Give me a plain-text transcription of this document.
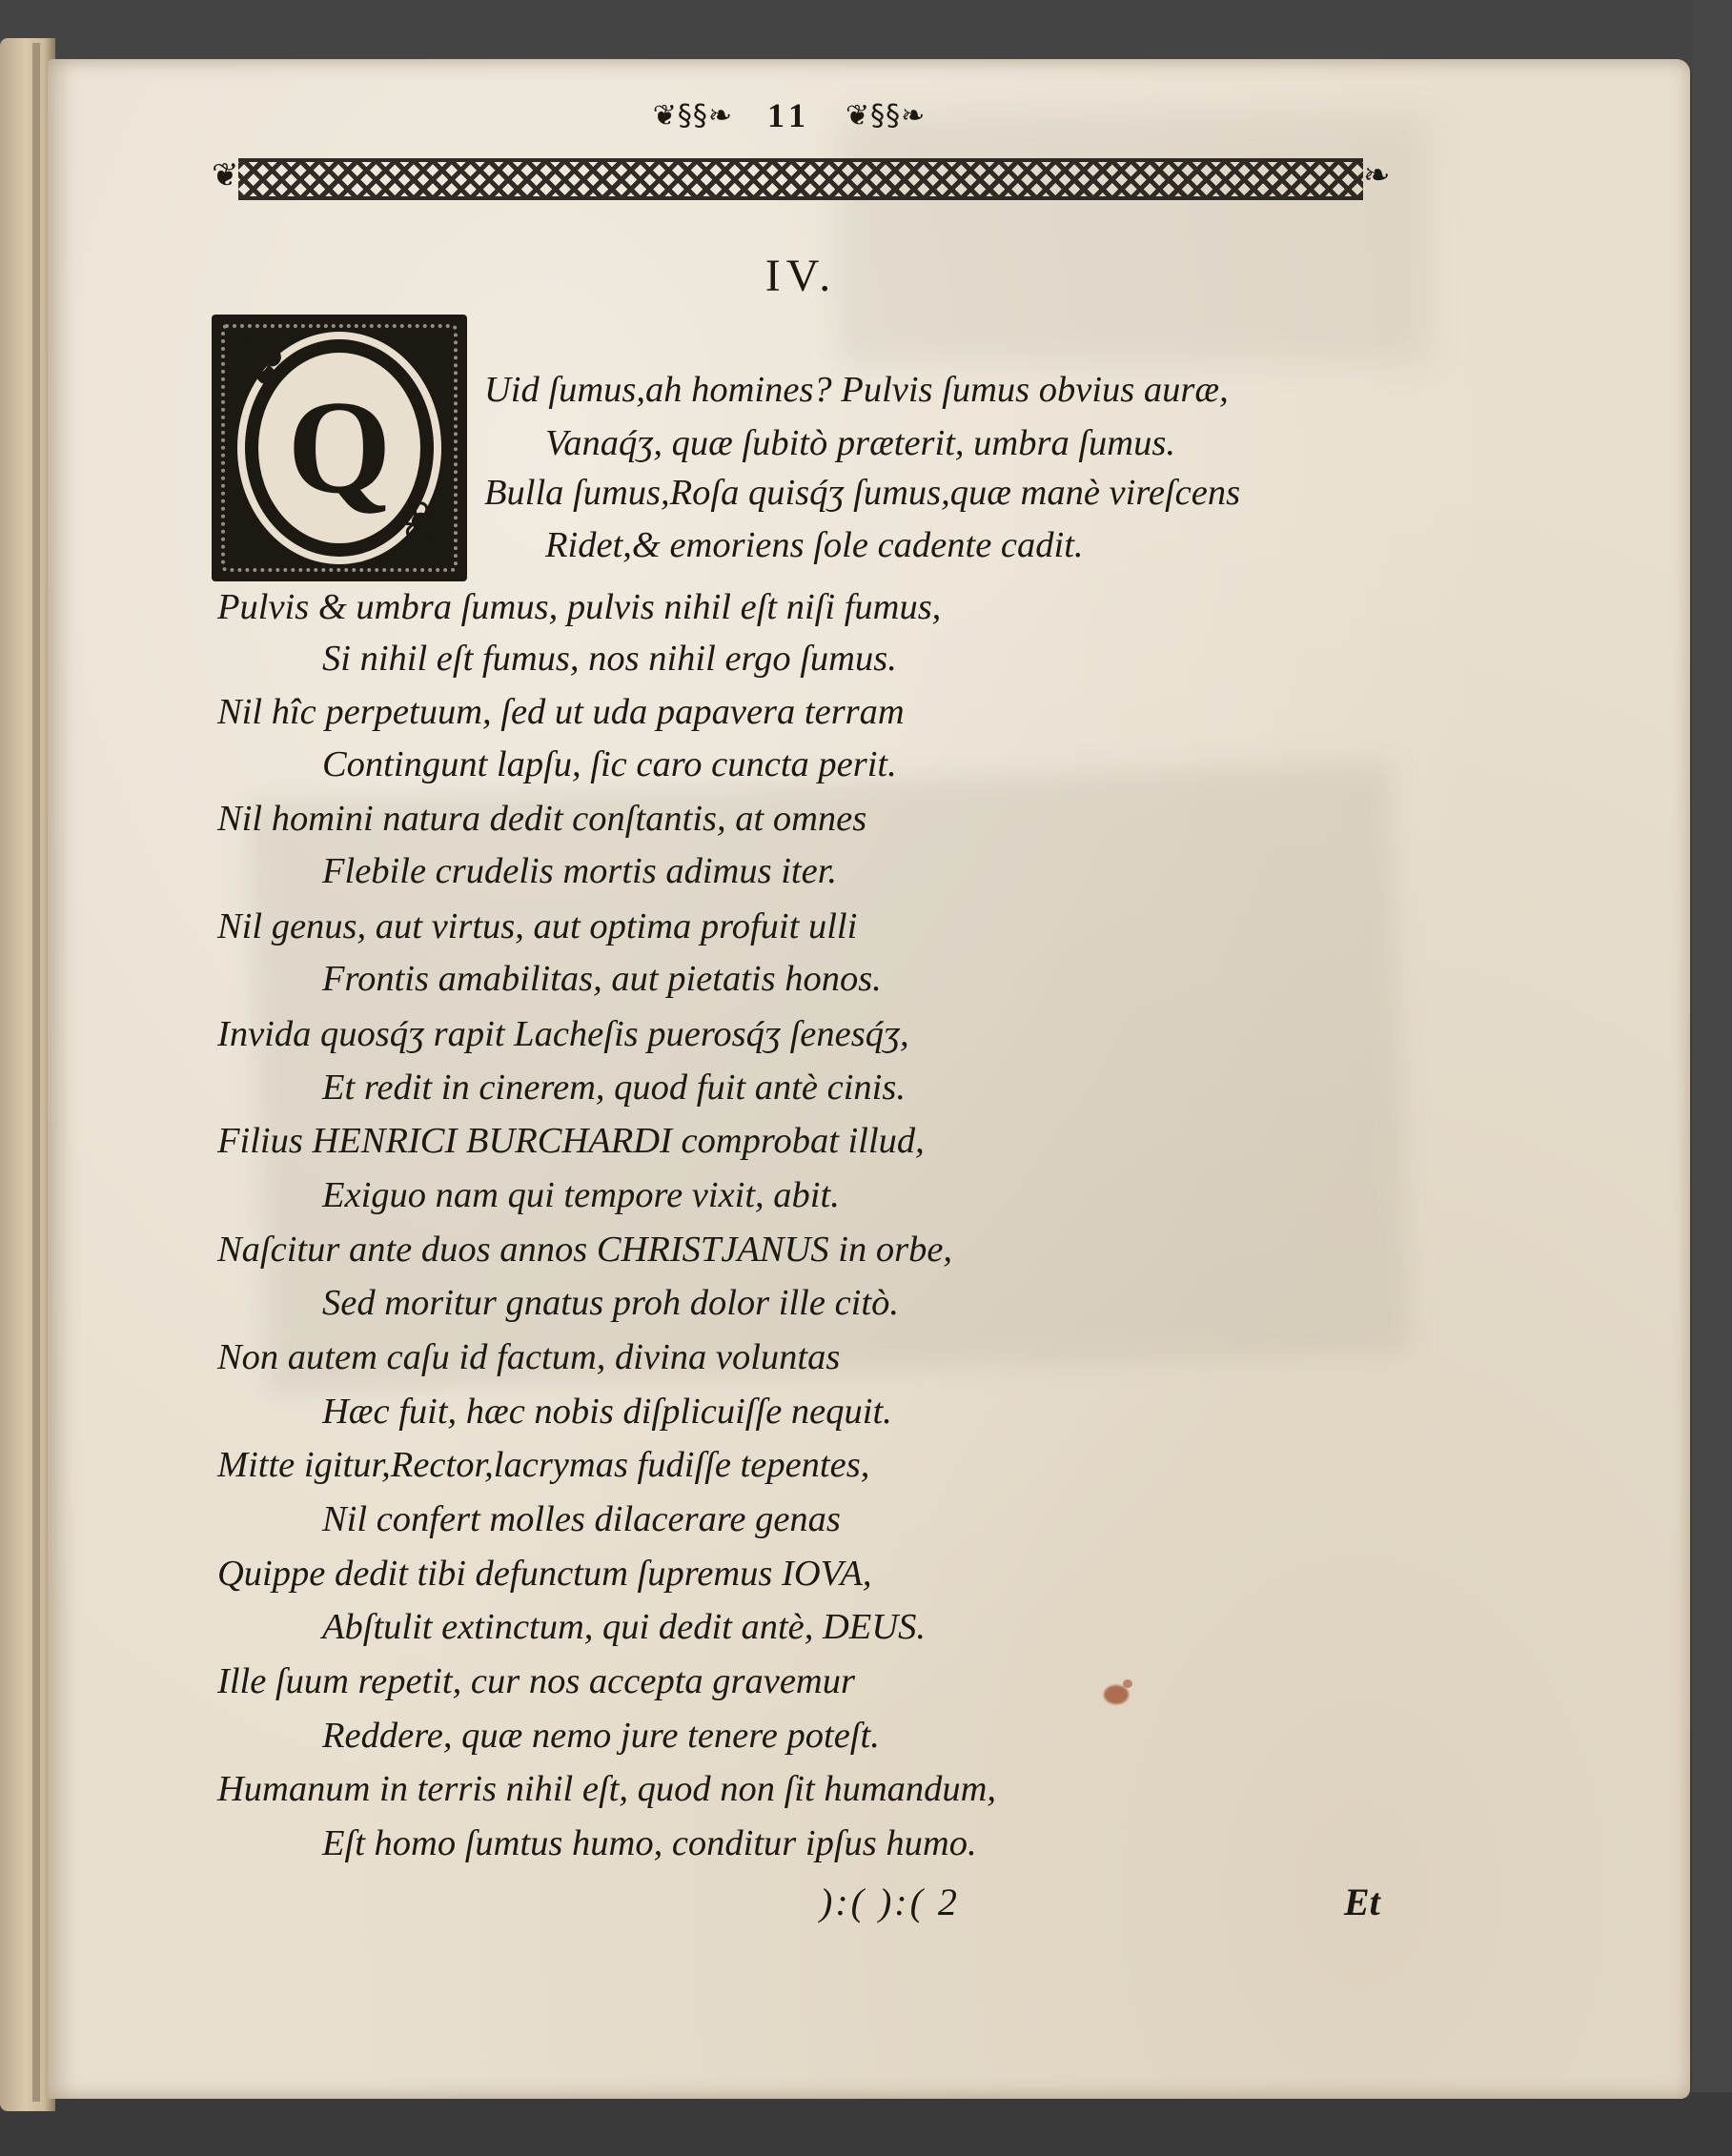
❦§§❧ 11 ❦§§❧
❦	❧
IV.
Q
✿
❀
Uid ſumus,ah homines? Pulvis ſumus obvius auræ,
Vanaq́ʒ, quæ ſubitò præterit, umbra ſumus.
Bulla ſumus,Roſa quisq́ʒ ſumus,quæ manè vireſcens
Ridet,& emoriens ſole cadente cadit.
Pulvis & umbra ſumus, pulvis nihil eſt niſi fumus,
Si nihil eſt fumus, nos nihil ergo ſumus.
Nil hîc perpetuum, ſed ut uda papavera terram
Contingunt lapſu, ſic caro cuncta perit.
Nil homini natura dedit conſtantis, at omnes
Flebile crudelis mortis adimus iter.
Nil genus, aut virtus, aut optima profuit ulli
Frontis amabilitas, aut pietatis honos.
Invida quosq́ʒ rapit Lacheſis puerosq́ʒ ſenesq́ʒ,
Et redit in cinerem, quod fuit antè cinis.
Filius HENRICI BURCHARDI comprobat illud,
Exiguo nam qui tempore vixit, abit.
Naſcitur ante duos annos CHRISTJANUS in orbe,
Sed moritur gnatus proh dolor ille citò.
Non autem caſu id factum, divina voluntas
Hæc fuit, hæc nobis diſplicuiſſe nequit.
Mitte igitur,Rector,lacrymas fudiſſe tepentes,
Nil confert molles dilacerare genas
Quippe dedit tibi defunctum ſupremus IOVA,
Abſtulit extinctum, qui dedit antè, DEUS.
Ille ſuum repetit, cur nos accepta gravemur
Reddere, quæ nemo jure tenere poteſt.
Humanum in terris nihil eſt, quod non ſit humandum,
Eſt homo ſumtus humo, conditur ipſus humo.
):( ):( 2	Et
